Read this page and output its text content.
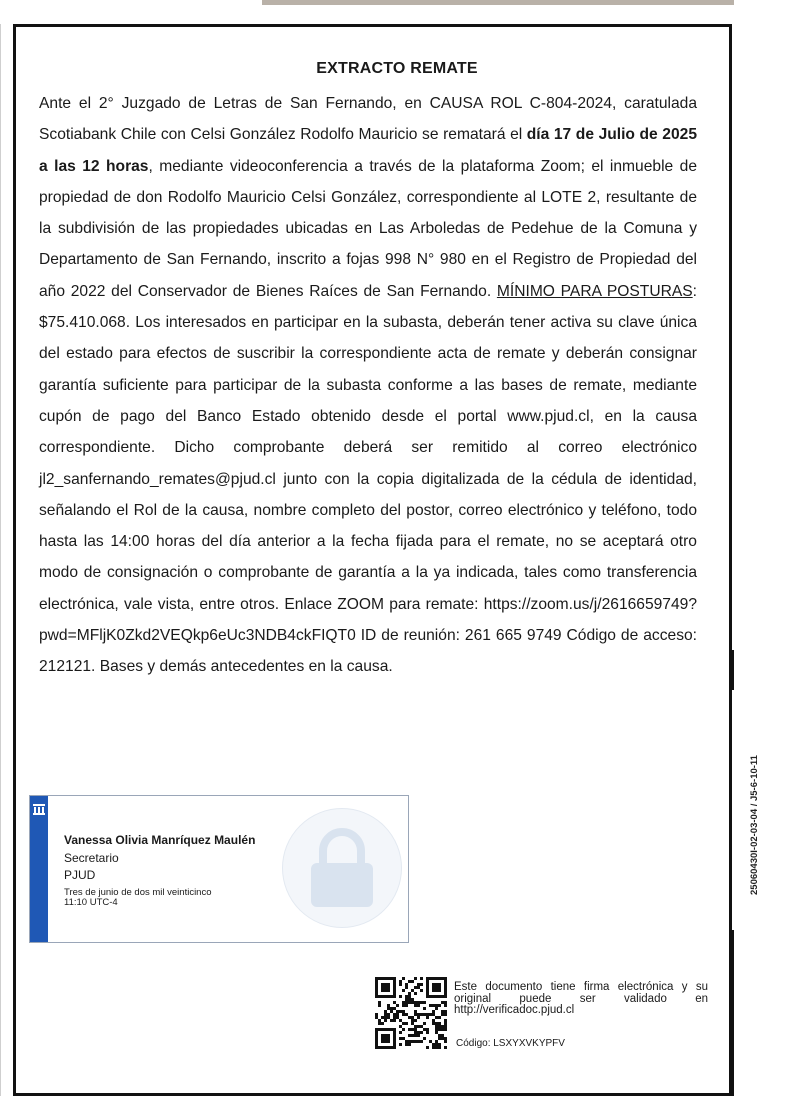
EXTRACTO REMATE
Ante el 2° Juzgado de Letras de San Fernando, en CAUSA ROL C-804-2024, caratulada Scotiabank Chile con Celsi González Rodolfo Mauricio se rematará el día 17 de Julio de 2025 a las 12 horas, mediante videoconferencia a través de la plataforma Zoom; el inmueble de propiedad de don Rodolfo Mauricio Celsi González, correspondiente al LOTE 2, resultante de la subdivisión de las propiedades ubicadas en Las Arboledas de Pedehue de la Comuna y Departamento de San Fernando, inscrito a fojas 998 N° 980 en el Registro de Propiedad del año 2022 del Conservador de Bienes Raíces de San Fernando. MÍNIMO PARA POSTURAS: $75.410.068. Los interesados en participar en la subasta, deberán tener activa su clave única del estado para efectos de suscribir la correspondiente acta de remate y deberán consignar garantía suficiente para participar de la subasta conforme a las bases de remate, mediante cupón de pago del Banco Estado obtenido desde el portal www.pjud.cl, en la causa correspondiente. Dicho comprobante deberá ser remitido al correo electrónico jl2_sanfernando_remates@pjud.cl junto con la copia digitalizada de la cédula de identidad, señalando el Rol de la causa, nombre completo del postor, correo electrónico y teléfono, todo hasta las 14:00 horas del día anterior a la fecha fijada para el remate, no se aceptará otro modo de consignación o comprobante de garantía a la ya indicada, tales como transferencia electrónica, vale vista, entre otros. Enlace ZOOM para remate: https://zoom.us/j/2616659749?pwd=MFljK0Zkd2VEQkp6eUc3NDB4ckFIQT0 ID de reunión: 261 665 9749 Código de acceso: 212121. Bases y demás antecedentes en la causa.
25060430I-02-03-04 / J5-6-10-11
Vanessa Olivia Manríquez Maulén
Secretario
PJUD
Tres de junio de dos mil veinticinco
11:10 UTC-4
Este documento tiene firma electrónica y su original puede ser validado en http://verificadoc.pjud.cl
Código: LSXYXVKYPFV
